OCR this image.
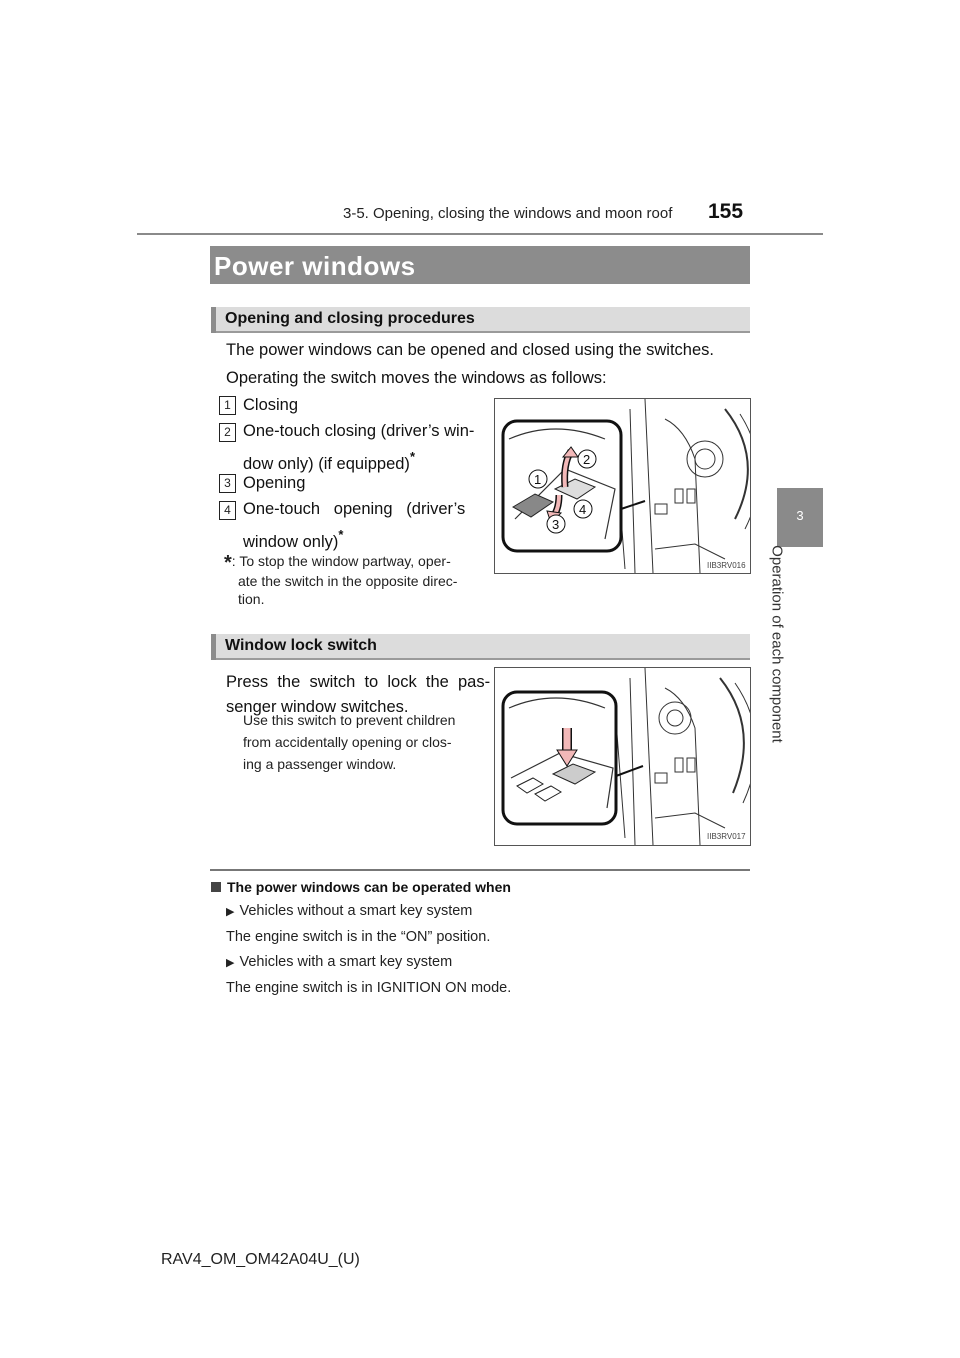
3-5. Opening, closing the windows and moon roof 155
3
Operation of each component
Power windows
Opening and closing procedures
The power windows can be opened and closed using the switches.
Operating the switch moves the windows as follows:
1 Closing
2 One-touch closing (driver’s win-
dow only) (if equipped)*
3 Opening
4 One-touch   opening   (driver’s
window only)*
*: To stop the window partway, oper-
ate the switch in the opposite direc-
tion.
1
2
3
4
IIB3RV016
Window lock switch
Press  the  switch  to  lock  the  pas-
senger window switches.
Use this switch to prevent children
from accidentally opening or clos-
ing a passenger window.
IIB3RV017
The power windows can be operated when
▶ Vehicles without a smart key system
The engine switch is in the “ON” position.
▶ Vehicles with a smart key system
The engine switch is in IGNITION ON mode.
RAV4_OM_OM42A04U_(U)
